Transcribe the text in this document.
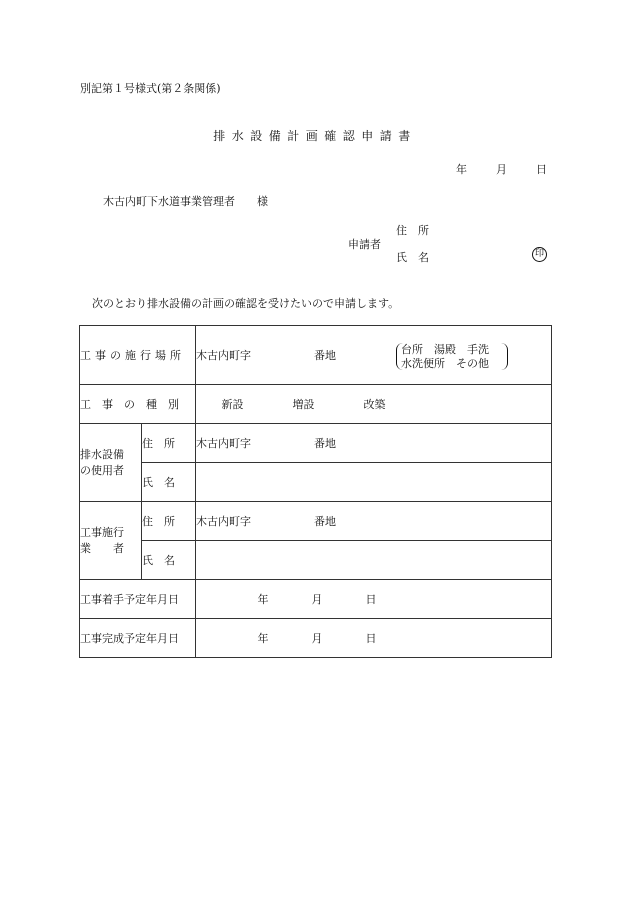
別記第１号様式(第２条関係)
排水設備計画確認申請書
年	月	日
木古内町下水道事業管理者　　様
申請者
住　所
氏　名	印
次のとおり排水設備の計画の確認を受けたいので申請します。
工事の施行場所		木古内町字 番地 台所　湯殿　手洗
水洗便所　その他

工事の種別		新設 増設 改築

排水設備
の使用者	住　所	木古内町字 番地
	氏　名	

工事施行
業　　者	住　所	木古内町字 番地
	氏　名	
工事着手予定年月日		年 月 日
工事完成予定年月日		年 月 日
